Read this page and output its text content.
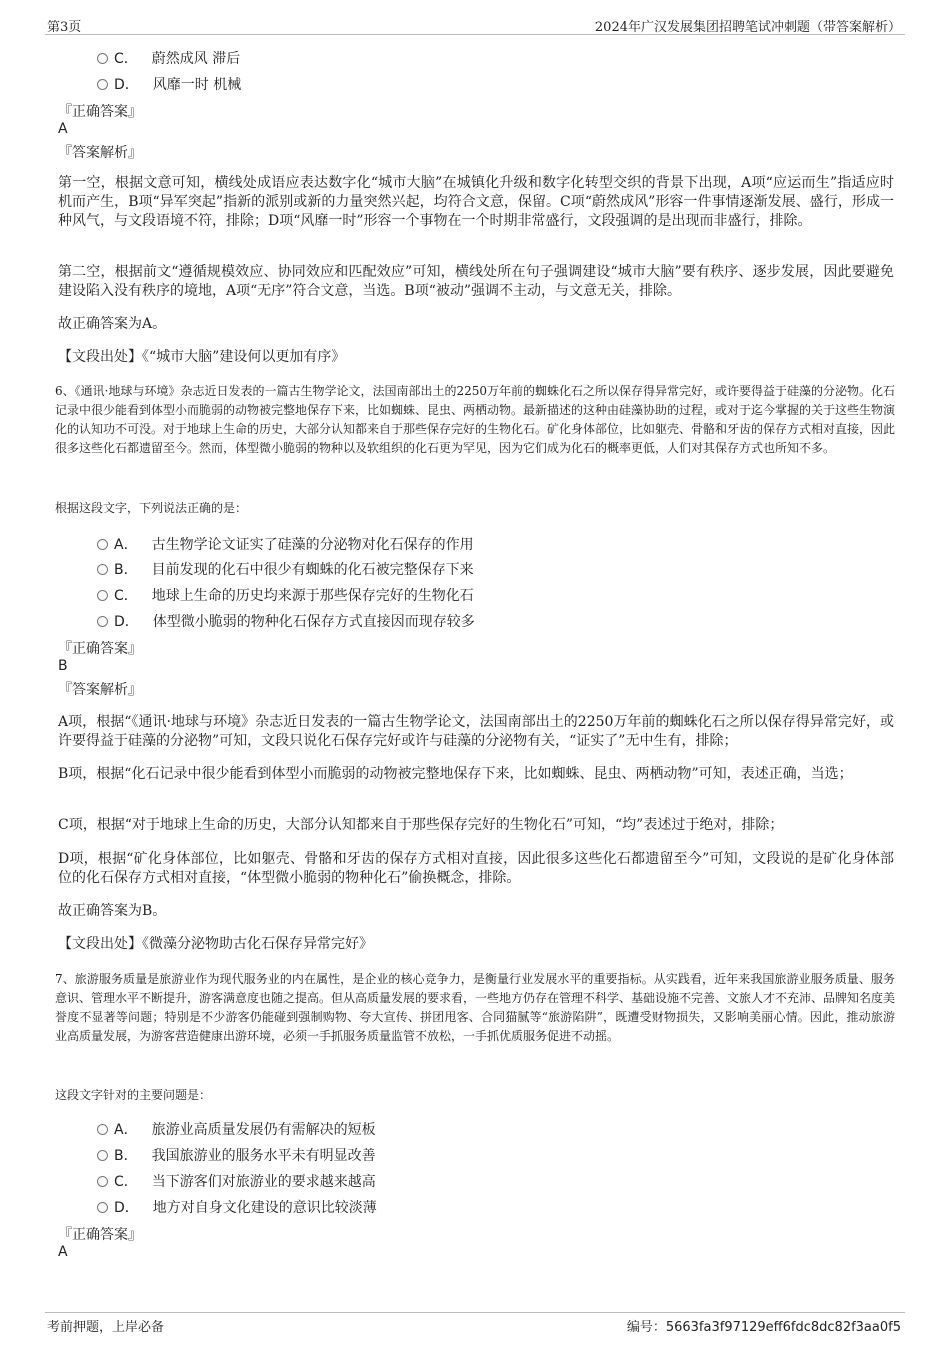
第3页	2024年广汉发展集团招聘笔试冲刺题（带答案解析）
C． 蔚然成风 滞后
D． 风靡一时 机械
『正确答案』
A
『答案解析』
第一空，根据文意可知，横线处成语应表达数字化“城市大脑”在城镇化升级和数字化转型交织的背景下出现，A项“应运而生”指适应时机而产生，B项“异军突起”指新的派别或新的力量突然兴起，均符合文意，保留。C项“蔚然成风”形容一件事情逐渐发展、盛行，形成一种风气，与文段语境不符，排除；D项“风靡一时”形容一个事物在一个时期非常盛行，文段强调的是出现而非盛行，排除。
第二空，根据前文“遵循规模效应、协同效应和匹配效应”可知，横线处所在句子强调建设“城市大脑”要有秩序、逐步发展，因此要避免建设陷入没有秩序的境地，A项“无序”符合文意，当选。B项“被动”强调不主动，与文意无关，排除。
故正确答案为A。
【文段出处】《“城市大脑”建设何以更加有序》
6、《通讯·地球与环境》杂志近日发表的一篇古生物学论文，法国南部出土的2250万年前的蜘蛛化石之所以保存得异常完好，或许要得益于硅藻的分泌物。化石记录中很少能看到体型小而脆弱的动物被完整地保存下来，比如蜘蛛、昆虫、两栖动物。最新描述的这种由硅藻协助的过程，或对于迄今掌握的关于这些生物演化的认知功不可没。对于地球上生命的历史，大部分认知都来自于那些保存完好的生物化石。矿化身体部位，比如躯壳、骨骼和牙齿的保存方式相对直接，因此很多这些化石都遗留至今。然而，体型微小脆弱的物种以及软组织的化石更为罕见，因为它们成为化石的概率更低，人们对其保存方式也所知不多。
根据这段文字，下列说法正确的是：
A． 古生物学论文证实了硅藻的分泌物对化石保存的作用
B． 目前发现的化石中很少有蜘蛛的化石被完整保存下来
C． 地球上生命的历史均来源于那些保存完好的生物化石
D． 体型微小脆弱的物种化石保存方式直接因而现存较多
『正确答案』
B
『答案解析』
A项，根据“《通讯·地球与环境》杂志近日发表的一篇古生物学论文，法国南部出土的2250万年前的蜘蛛化石之所以保存得异常完好，或许要得益于硅藻的分泌物”可知，文段只说化石保存完好或许与硅藻的分泌物有关，“证实了”无中生有，排除；
B项，根据“化石记录中很少能看到体型小而脆弱的动物被完整地保存下来，比如蜘蛛、昆虫、两栖动物”可知，表述正确，当选；
C项，根据“对于地球上生命的历史，大部分认知都来自于那些保存完好的生物化石”可知，“均”表述过于绝对，排除；
D项，根据“矿化身体部位，比如躯壳、骨骼和牙齿的保存方式相对直接，因此很多这些化石都遗留至今”可知，文段说的是矿化身体部位的化石保存方式相对直接，“体型微小脆弱的物种化石”偷换概念，排除。
故正确答案为B。
【文段出处】《微藻分泌物助古化石保存异常完好》
7、旅游服务质量是旅游业作为现代服务业的内在属性，是企业的核心竞争力，是衡量行业发展水平的重要指标。从实践看，近年来我国旅游业服务质量、服务意识、管理水平不断提升，游客满意度也随之提高。但从高质量发展的要求看，一些地方仍存在管理不科学、基础设施不完善、文旅人才不充沛、品牌知名度美誉度不显著等问题；特别是不少游客仍能碰到强制购物、夸大宣传、拼团甩客、合同猫腻等“旅游陷阱”，既遭受财物损失，又影响美丽心情。因此，推动旅游业高质量发展，为游客营造健康出游环境，必须一手抓服务质量监管不放松，一手抓优质服务促进不动摇。
这段文字针对的主要问题是：
A． 旅游业高质量发展仍有需解决的短板
B． 我国旅游业的服务水平未有明显改善
C． 当下游客们对旅游业的要求越来越高
D． 地方对自身文化建设的意识比较淡薄
『正确答案』
A
考前押题，上岸必备	编号：5663fa3f97129eff6fdc8dc82f3aa0f5
